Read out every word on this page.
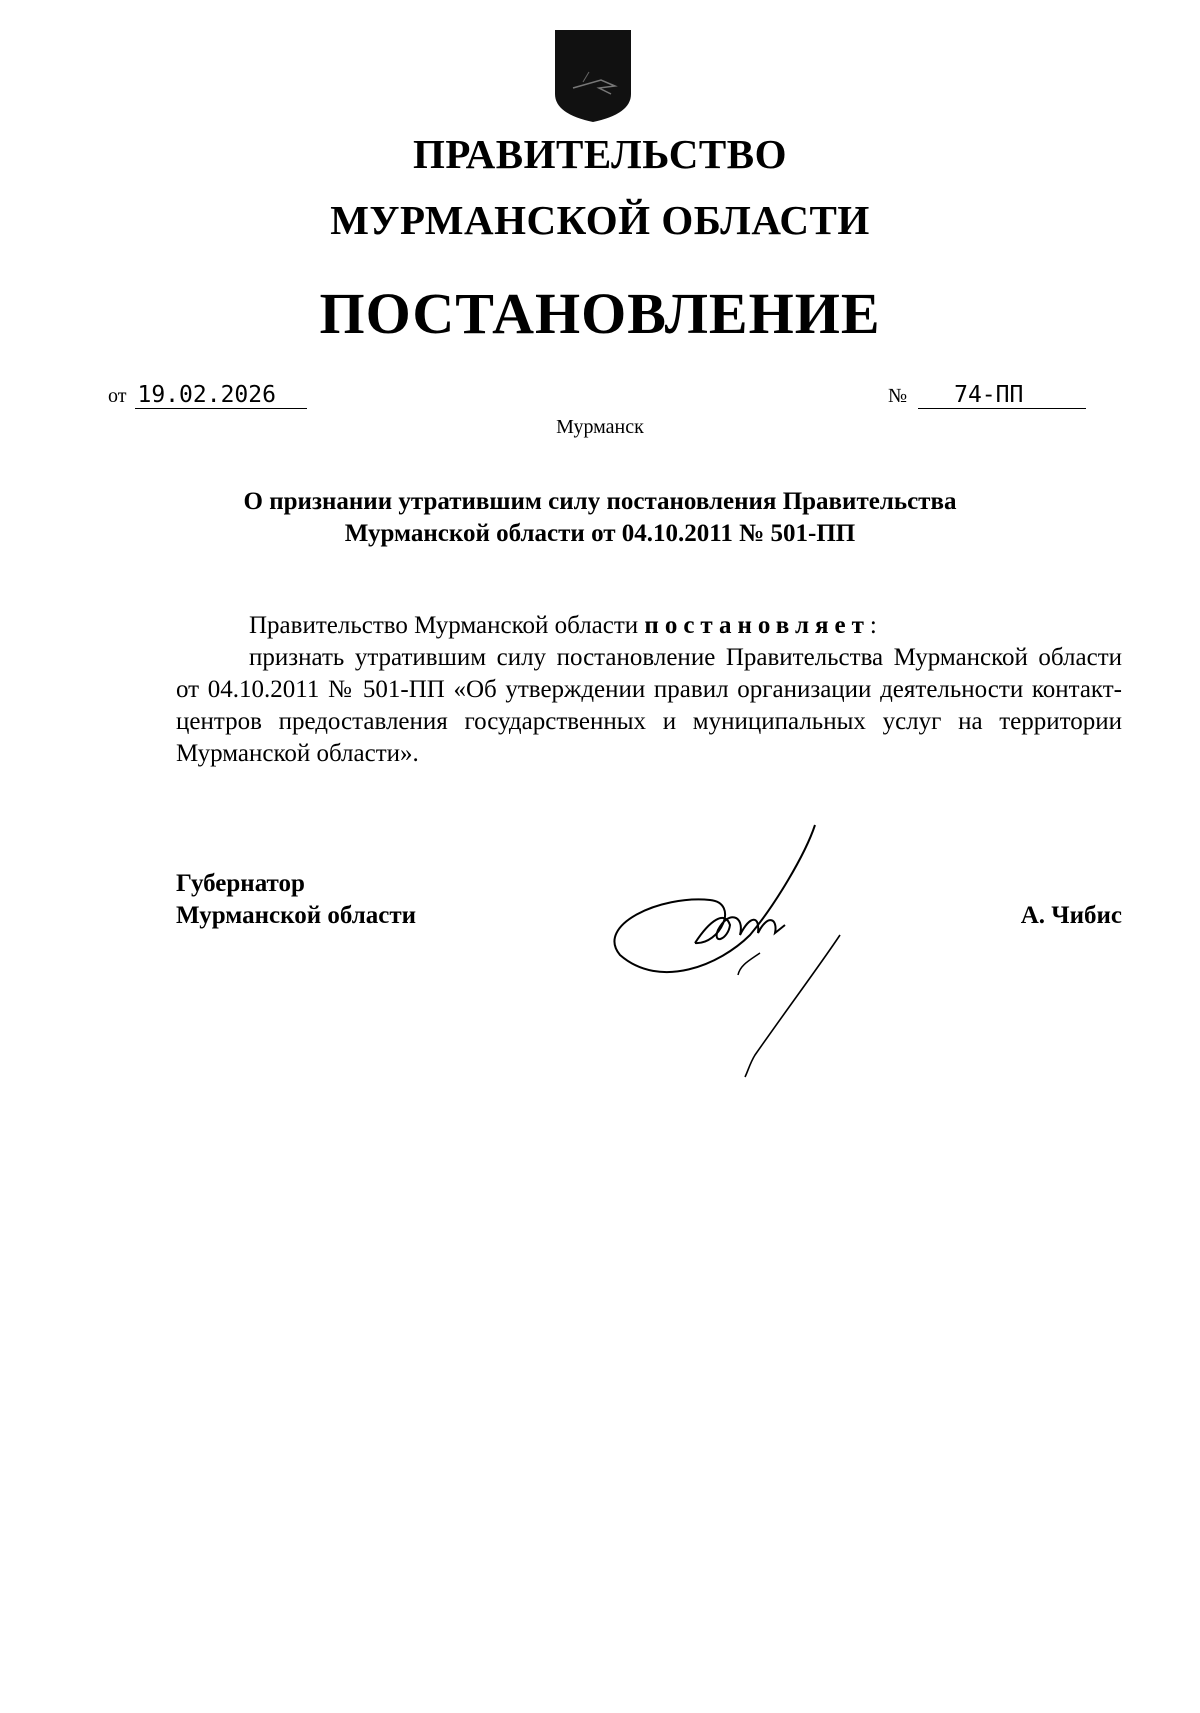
ПРАВИТЕЛЬСТВО
МУРМАНСКОЙ ОБЛАСТИ
ПОСТАНОВЛЕНИЕ
от 19.02.2026	№ 74-ПП
Мурманск
О признании утратившим силу постановления Правительства
Мурманской области от 04.10.2011 № 501-ПП

Правительство Мурманской области постановляет:

признать утратившим силу постановление Правительства Мурманской области от 04.10.2011 № 501-ПП «Об утверждении правил организации деятельности контакт-центров предоставления государственных и муниципальных услуг на территории Мурманской области».

Губернатор
Мурманской области	А. Чибис
